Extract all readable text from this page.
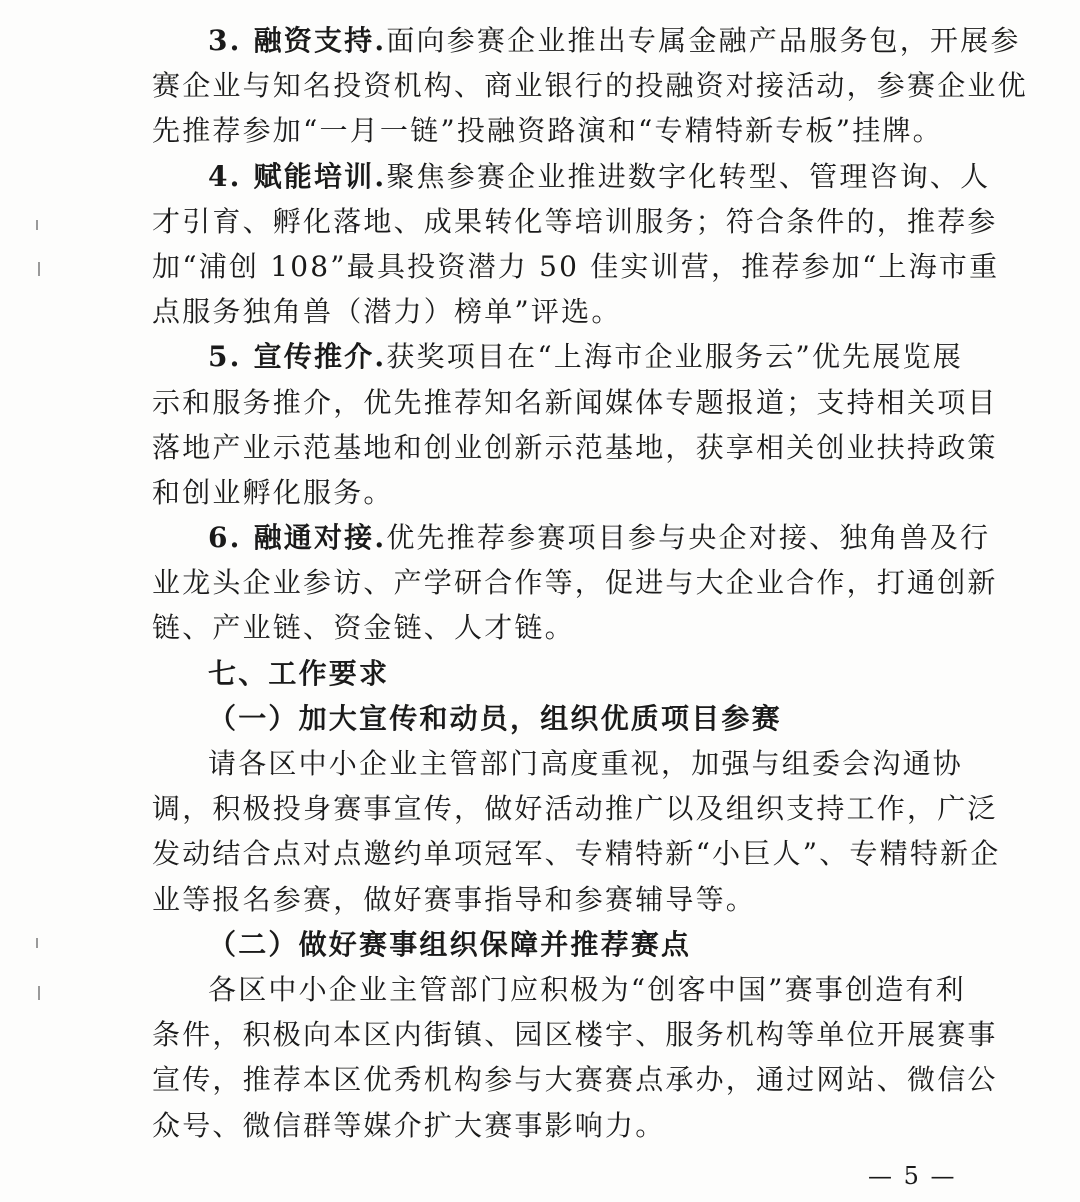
3. 融资支持.面向参赛企业推出专属金融产品服务包，开展参
赛企业与知名投资机构、商业银行的投融资对接活动，参赛企业优
先推荐参加“一月一链”投融资路演和“专精特新专板”挂牌。
4. 赋能培训.聚焦参赛企业推进数字化转型、管理咨询、人
才引育、孵化落地、成果转化等培训服务；符合条件的，推荐参
加“浦创 108”最具投资潜力 50 佳实训营，推荐参加“上海市重
点服务独角兽（潜力）榜单”评选。
5. 宣传推介.获奖项目在“上海市企业服务云”优先展览展
示和服务推介，优先推荐知名新闻媒体专题报道；支持相关项目
落地产业示范基地和创业创新示范基地，获享相关创业扶持政策
和创业孵化服务。
6. 融通对接.优先推荐参赛项目参与央企对接、独角兽及行
业龙头企业参访、产学研合作等，促进与大企业合作，打通创新
链、产业链、资金链、人才链。
七、工作要求
（一）加大宣传和动员，组织优质项目参赛
请各区中小企业主管部门高度重视，加强与组委会沟通协
调，积极投身赛事宣传，做好活动推广以及组织支持工作，广泛
发动结合点对点邀约单项冠军、专精特新“小巨人”、专精特新企
业等报名参赛，做好赛事指导和参赛辅导等。
（二）做好赛事组织保障并推荐赛点
各区中小企业主管部门应积极为“创客中国”赛事创造有利
条件，积极向本区内街镇、园区楼宇、服务机构等单位开展赛事
宣传，推荐本区优秀机构参与大赛赛点承办，通过网站、微信公
众号、微信群等媒介扩大赛事影响力。
— 5 —
